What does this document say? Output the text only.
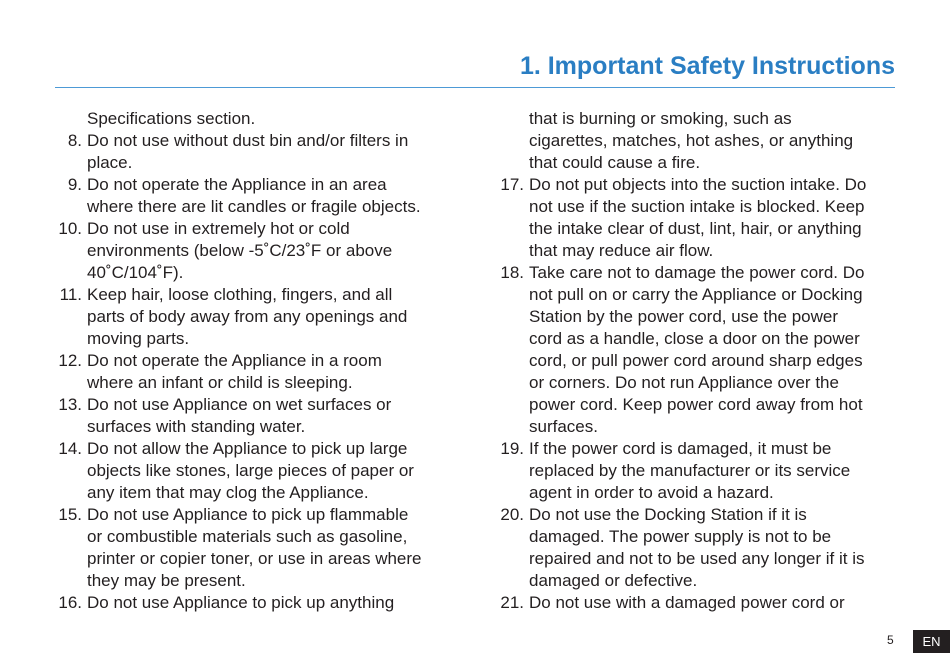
1. Important Safety Instructions
Specifications section.
8. Do not use without dust bin and/or filters in
place.
9. Do not operate the Appliance in an area
where there are lit candles or fragile objects.
10. Do not use in extremely hot or cold
environments (below -5˚C/23˚F or above
40˚C/104˚F).
11. Keep hair, loose clothing, fingers, and all
parts of body away from any openings and
moving parts.
12. Do not operate the Appliance in a room
where an infant or child is sleeping.
13. Do not use Appliance on wet surfaces or
surfaces with standing water.
14. Do not allow the Appliance to pick up large
objects like stones, large pieces of paper or
any item that may clog the Appliance.
15. Do not use Appliance to pick up flammable
or combustible materials such as gasoline,
printer or copier toner, or use in areas where
they may be present.
16. Do not use Appliance to pick up anything
that is burning or smoking, such as
cigarettes, matches, hot ashes, or anything
that could cause a fire.
17. Do not put objects into the suction intake. Do
not use if the suction intake is blocked. Keep
the intake clear of dust, lint, hair, or anything
that may reduce air flow.
18. Take care not to damage the power cord. Do
not pull on or carry the Appliance or Docking
Station by the power cord, use the power
cord as a handle, close a door on the power
cord, or pull power cord around sharp edges
or corners. Do not run Appliance over the
power cord. Keep power cord away from hot
surfaces.
19. If the power cord is damaged, it must be
replaced by the manufacturer or its service
agent in order to avoid a hazard.
20. Do not use the Docking Station if it is
damaged. The power supply is not to be
repaired and not to be used any longer if it is
damaged or defective.
21. Do not use with a damaged power cord or
5	EN
